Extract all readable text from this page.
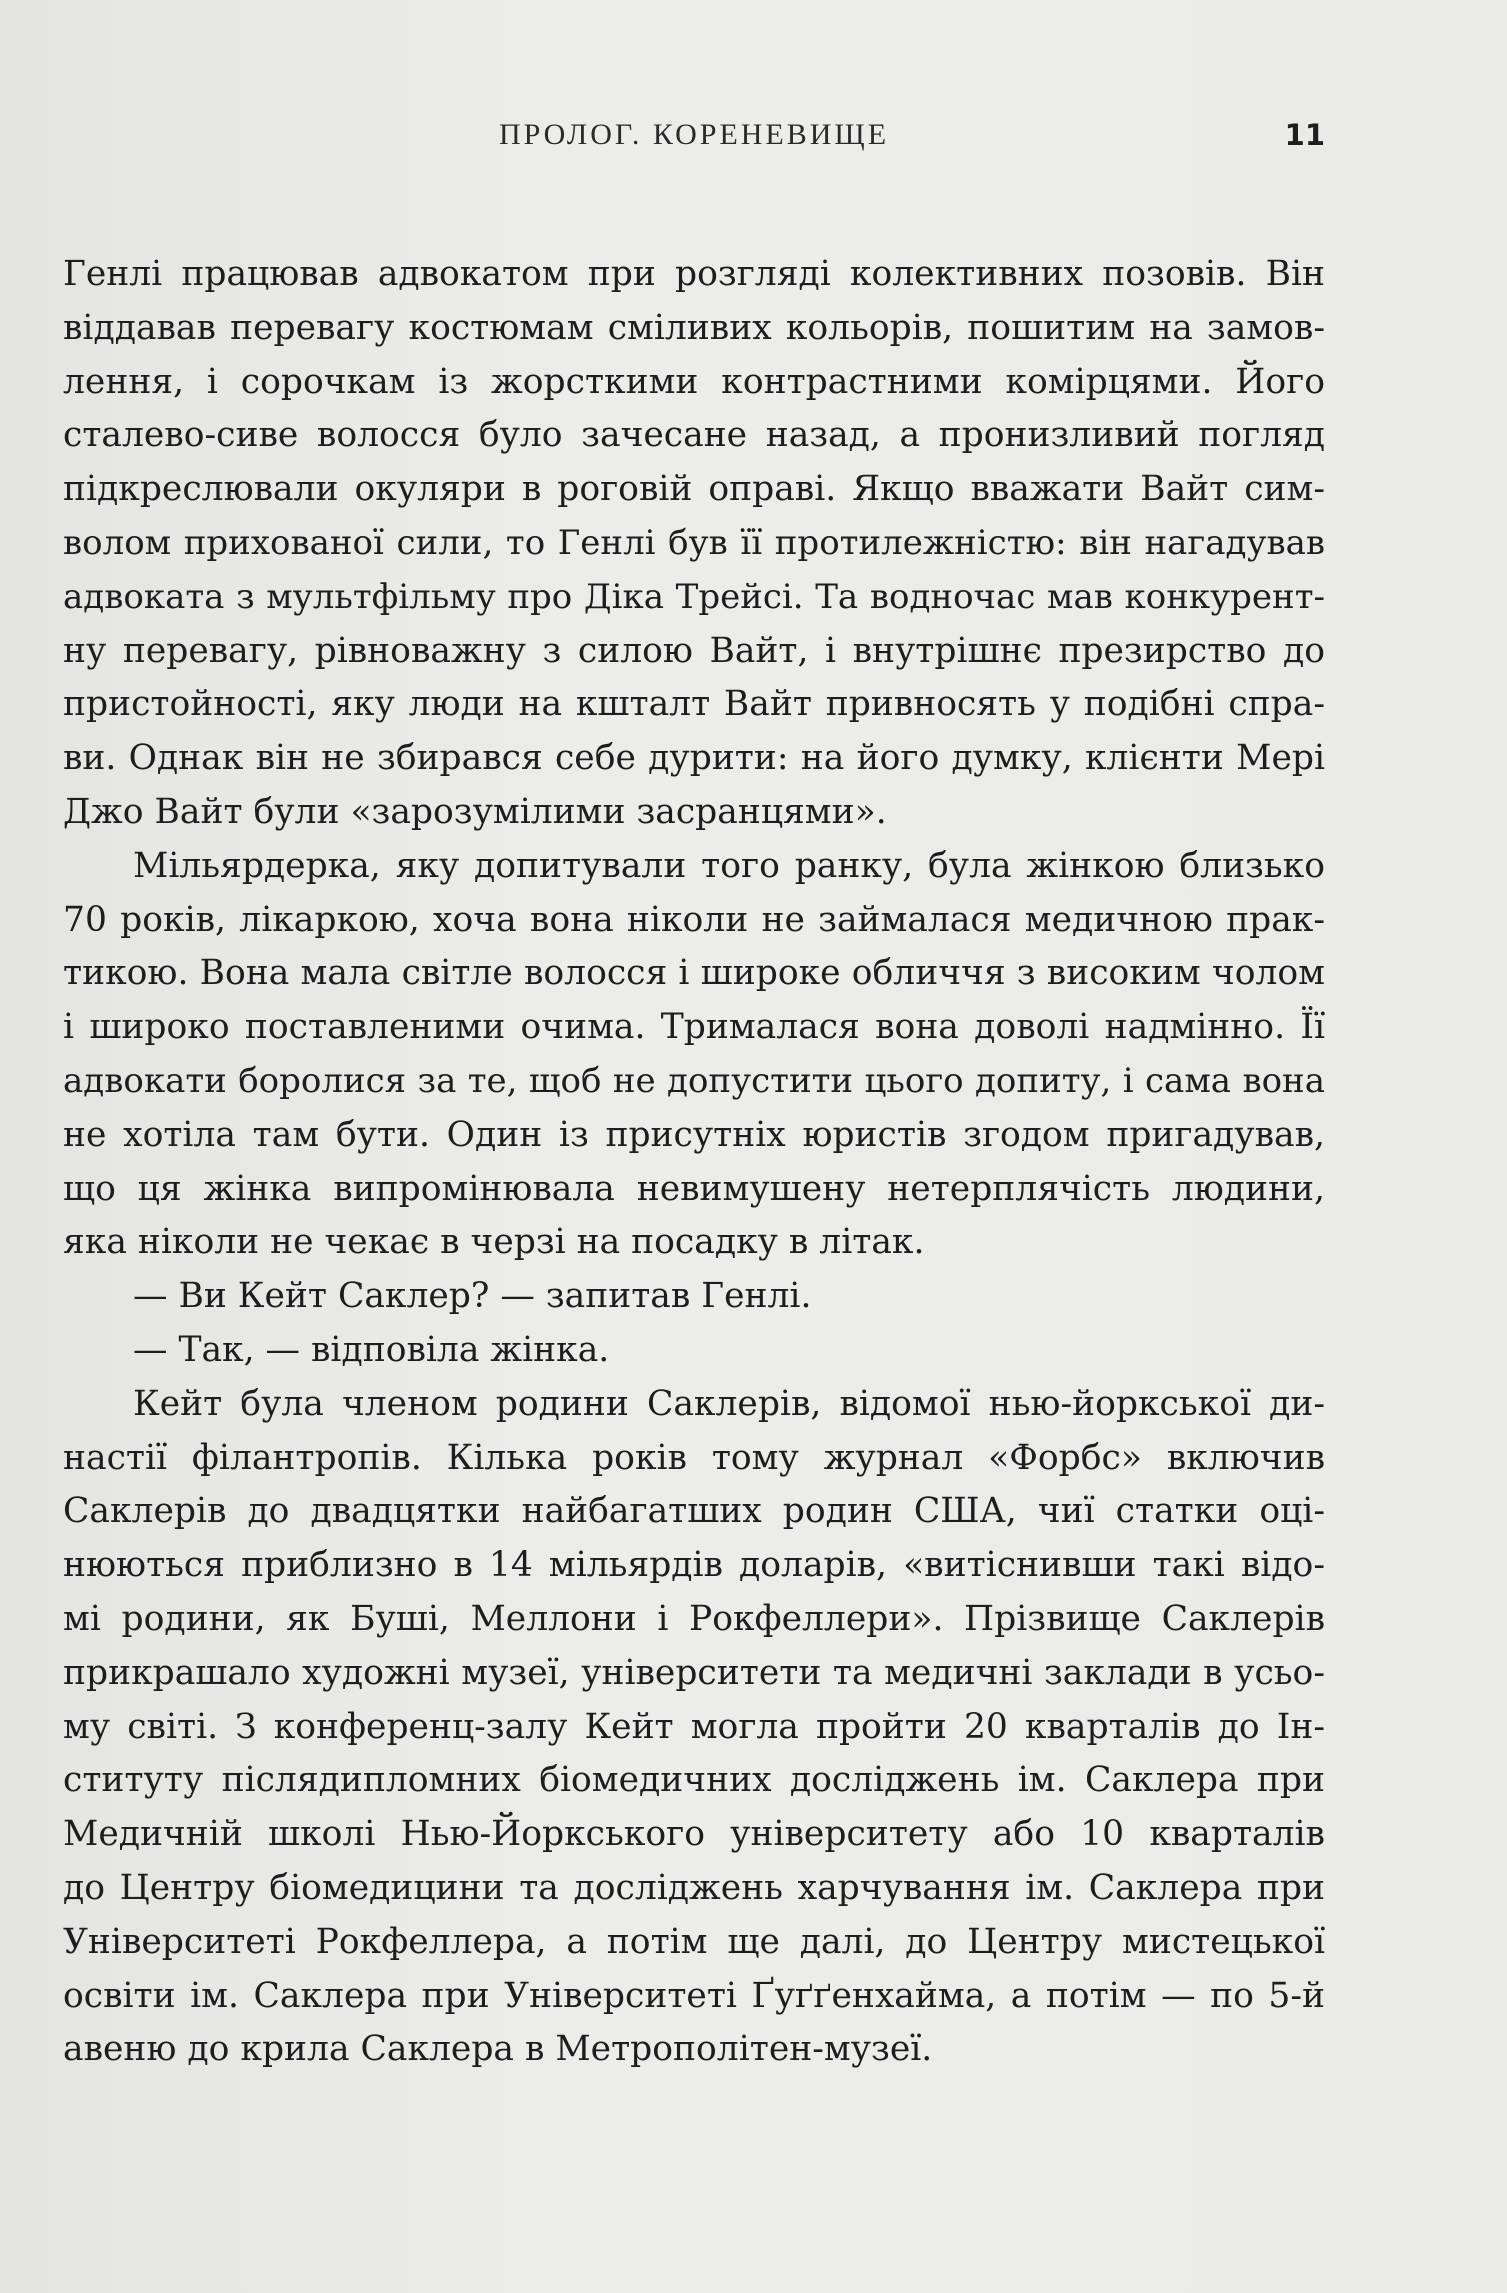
ПРОЛОГ. КОРЕНЕВИЩЕ	11
Генлі працював адвокатом при розгляді колективних позовів. Він
віддавав перевагу костюмам сміливих кольорів, пошитим на замов-
лення, і сорочкам із жорсткими контрастними комірцями. Його
сталево-сиве волосся було зачесане назад, а пронизливий погляд
підкреслювали окуляри в роговій оправі. Якщо вважати Вайт сим-
волом прихованої сили, то Генлі був її протилежністю: він нагадував
адвоката з мультфільму про Діка Трейсі. Та водночас мав конкурент-
ну перевагу, рівноважну з силою Вайт, і внутрішнє презирство до
пристойності, яку люди на кшталт Вайт привносять у подібні спра-
ви. Однак він не збирався себе дурити: на його думку, клієнти Мері
Джо Вайт були «зарозумілими засранцями».
Мільярдерка, яку допитували того ранку, була жінкою близько
70 років, лікаркою, хоча вона ніколи не займалася медичною прак-
тикою. Вона мала світле волосся і широке обличчя з високим чолом
і широко поставленими очима. Трималася вона доволі надмінно. Її
адвокати боролися за те, щоб не допустити цього допиту, і сама вона
не хотіла там бути. Один із присутніх юристів згодом пригадував,
що ця жінка випромінювала невимушену нетерплячість людини,
яка ніколи не чекає в черзі на посадку в літак.
— Ви Кейт Саклер? — запитав Генлі.
— Так, — відповіла жінка.
Кейт була членом родини Саклерів, відомої нью-йоркської ди-
настії філантропів. Кілька років тому журнал «Форбс» включив
Саклерів до двадцятки найбагатших родин США, чиї статки оці-
нюються приблизно в 14 мільярдів доларів, «витіснивши такі відо-
мі родини, як Буші, Меллони і Рокфеллери». Прізвище Саклерів
прикрашало художні музеї, університети та медичні заклади в усьо-
му світі. З конференц-залу Кейт могла пройти 20 кварталів до Ін-
ституту післядипломних біомедичних досліджень ім. Саклера при
Медичній школі Нью-Йоркського університету або 10 кварталів
до Центру біомедицини та досліджень харчування ім. Саклера при
Університеті Рокфеллера, а потім ще далі, до Центру мистецької
освіти ім. Саклера при Університеті Ґуґґенхайма, а потім — по 5-й
авеню до крила Саклера в Метрополітен-музеї.
